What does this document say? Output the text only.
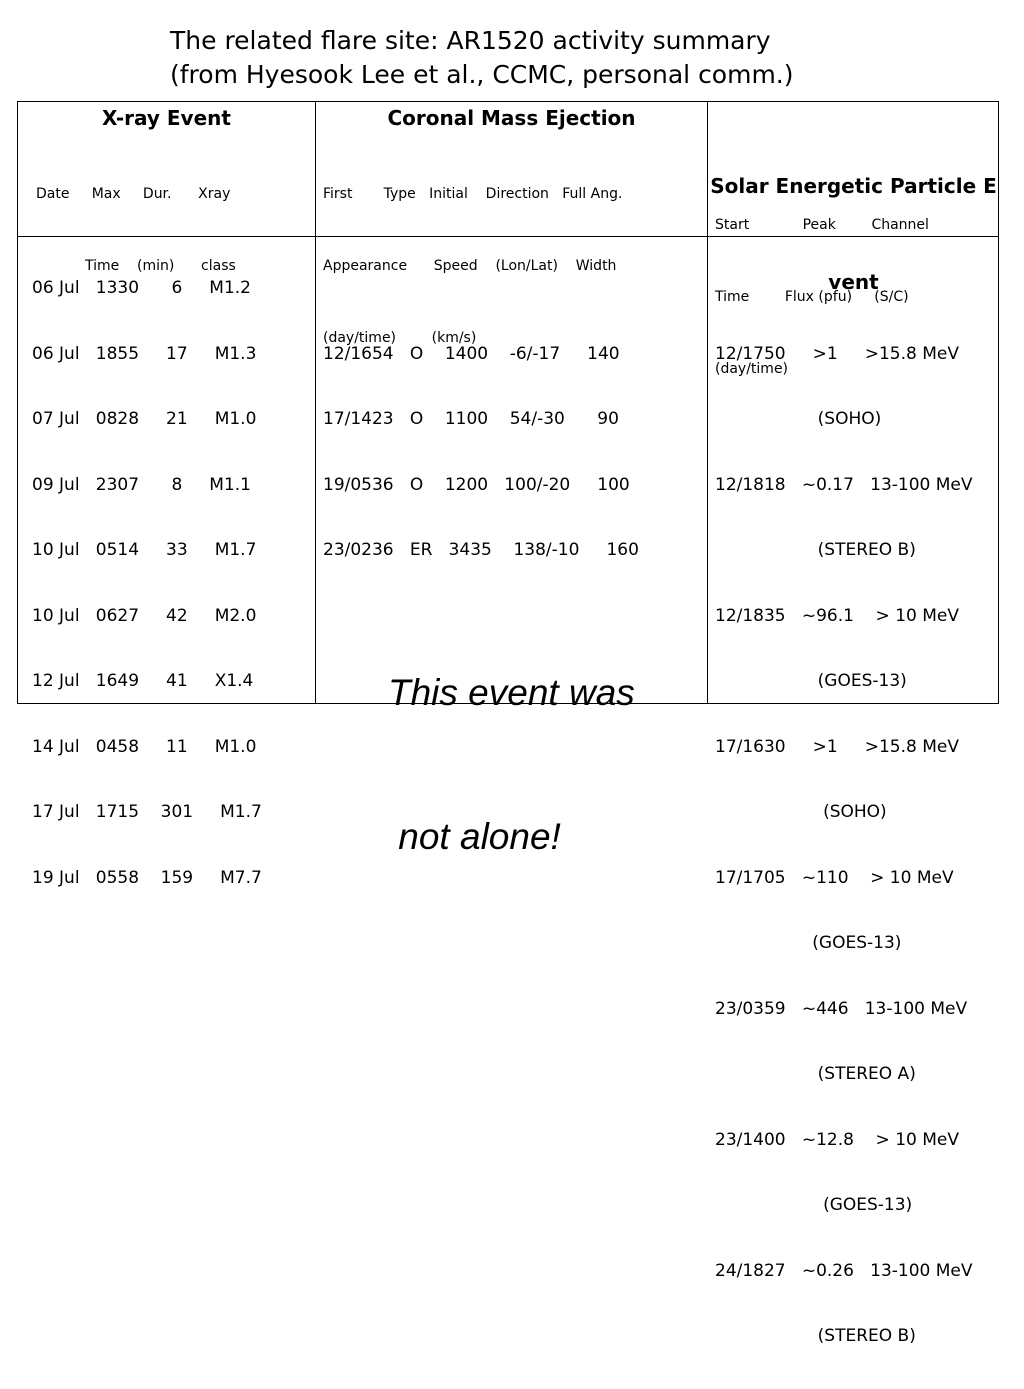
The related flare site: AR1520 activity summary
(from Hyesook Lee et al., CCMC, personal comm.)
X-ray Event

Date     Max     Dur.      Xray

Time    (min)      class

Coronal Mass Ejection

First       Type   Initial    Direction   Full Ang.

Appearance      Speed    (Lon/Lat)    Width

(day/time)        (km/s)

Solar Energetic Particle E

vent

Start            Peak        Channel

Time        Flux (pfu)     (S/C)

(day/time)

06 Jul   1330      6     M1.2

06 Jul   1855     17     M1.3

07 Jul   0828     21     M1.0

09 Jul   2307      8     M1.1

10 Jul   0514     33     M1.7

10 Jul   0627     42     M2.0

12 Jul   1649     41     X1.4

14 Jul   0458     11     M1.0

17 Jul   1715    301     M1.7

19 Jul   0558    159     M7.7

12/1654   O    1400    -6/-17     140

17/1423   O    1100    54/-30      90

19/0536   O    1200   100/-20     100

23/0236   ER   3435    138/-10     160

12/1750     >1     >15.8 MeV

(SOHO)

12/1818   ~0.17   13-100 MeV

(STEREO B)

12/1835   ~96.1    > 10 MeV

(GOES-13)

17/1630     >1     >15.8 MeV

(SOHO)

17/1705   ~110    > 10 MeV

(GOES-13)

23/0359   ~446   13-100 MeV

(STEREO A)

23/1400   ~12.8    > 10 MeV

(GOES-13)

24/1827   ~0.26   13-100 MeV

(STEREO B)

This event was

not alone!
